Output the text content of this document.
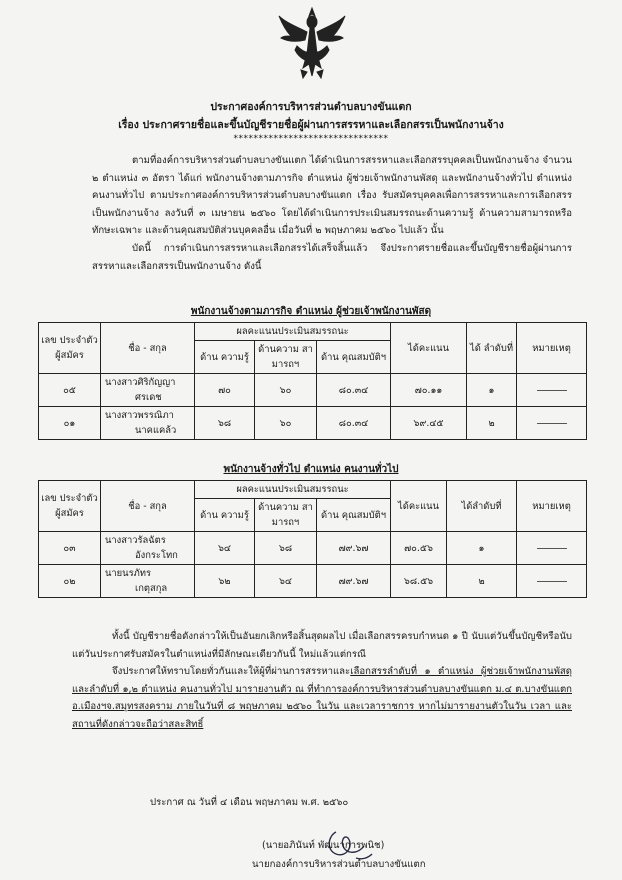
ประกาศองค์การบริหารส่วนตำบลบางขันแตก
เรื่อง ประกาศรายชื่อและขึ้นบัญชีรายชื่อผู้ผ่านการสรรหาและเลือกสรรเป็นพนักงานจ้าง
*******************************

ตามที่องค์การบริหารส่วนตำบลบางขันแตก ได้ดำเนินการสรรหาและเลือกสรรบุคคลเป็นพนักงานจ้าง จำนวน ๒ ตำแหน่ง ๓ อัตรา ได้แก่ พนักงานจ้างตามภารกิจ ตำแหน่ง ผู้ช่วยเจ้าพนักงานพัสดุ และพนักงานจ้างทั่วไป ตำแหน่ง คนงานทั่วไป ตามประกาศองค์การบริหารส่วนตำบลบางขันแตก เรื่อง รับสมัครบุคคลเพื่อการสรรหาและการเลือกสรรเป็นพนักงานจ้าง ลงวันที่ ๓ เมษายน ๒๕๖๐ โดยได้ดำเนินการประเมินสมรรถนะด้านความรู้ ด้านความสามารถหรือทักษะเฉพาะ และด้านคุณสมบัติส่วนบุคคลอื่น เมื่อวันที่ ๒ พฤษภาคม ๒๕๖๐ ไปแล้ว นั้น

บัดนี้ การดำเนินการสรรหาและเลือกสรรได้เสร็จสิ้นแล้ว จึงประกาศรายชื่อและขึ้นบัญชีรายชื่อผู้ผ่านการสรรหาและเลือกสรรเป็นพนักงานจ้าง ดังนี้

พนักงานจ้างตามภารกิจ ตำแหน่ง ผู้ช่วยเจ้าพนักงานพัสดุ
เลข ประจำตัว ผู้สมัคร	ชื่อ - สกุล	ผลคะแนนประเมินสมรรถนะ			ได้คะแนน	ได้ ลำดับที่	หมายเหตุ
		ด้าน ความรู้	ด้านความ สามารถฯ	ด้าน คุณสมบัติฯ			
๐๕	นางสาวศิริกัญญา
ศรเดช	๗๐	๖๐	๘๐.๓๔	๗๐.๑๑	๑	
๐๑	นางสาวพรรณิภา
นาคแคล้ว	๖๘	๖๐	๘๐.๓๔	๖๙.๔๕	๒	
พนักงานจ้างทั่วไป ตำแหน่ง คนงานทั่วไป
เลข ประจำตัว ผู้สมัคร	ชื่อ - สกุล	ผลคะแนนประเมินสมรรถนะ			ได้คะแนน	ได้ลำดับที่	หมายเหตุ
		ด้าน ความรู้	ด้านความ สามารถฯ	ด้าน คุณสมบัติฯ			
๐๓	นางสาวรัลฉัตร
อังกระโทก	๖๔	๖๘	๗๙.๖๗	๗๐.๕๖	๑	
๐๒	นายนรภัทร
เกตุสกุล	๖๒	๖๔	๗๙.๖๗	๖๘.๕๖	๒	

ทั้งนี้ บัญชีรายชื่อดังกล่าวให้เป็นอันยกเลิกหรือสิ้นสุดผลไป เมื่อเลือกสรรครบกำหนด ๑ ปี นับแต่วันขึ้นบัญชีหรือนับแต่วันประกาศรับสมัครในตำแหน่งที่มีลักษณะเดียวกันนี้ ใหม่แล้วแต่กรณี

จึงประกาศให้ทราบโดยทั่วกันและให้ผู้ที่ผ่านการสรรหาและเลือกสรรลำดับที่ ๑ ตำแหน่ง ผู้ช่วยเจ้าพนักงานพัสดุ และลำดับที่ ๑,๒ ตำแหน่ง คนงานทั่วไป มารายงานตัว ณ ที่ทำการองค์การบริหารส่วนตำบลบางขันแตก ม.๔ ต.บางขันแตก อ.เมืองฯจ.สมุทรสงคราม ภายในวันที่ ๘ พฤษภาคม ๒๕๖๐ ในวัน และเวลาราชการ หากไม่มารายงานตัวในวัน เวลา และสถานที่ดังกล่าวจะถือว่าสละสิทธิ์

ประกาศ ณ วันที่ ๔ เดือน พฤษภาคม พ.ศ. ๒๕๖๐
(นายอภินันท์ พัฒนาการพนิช)
นายกองค์การบริหารส่วนตำบลบางขันแตก
